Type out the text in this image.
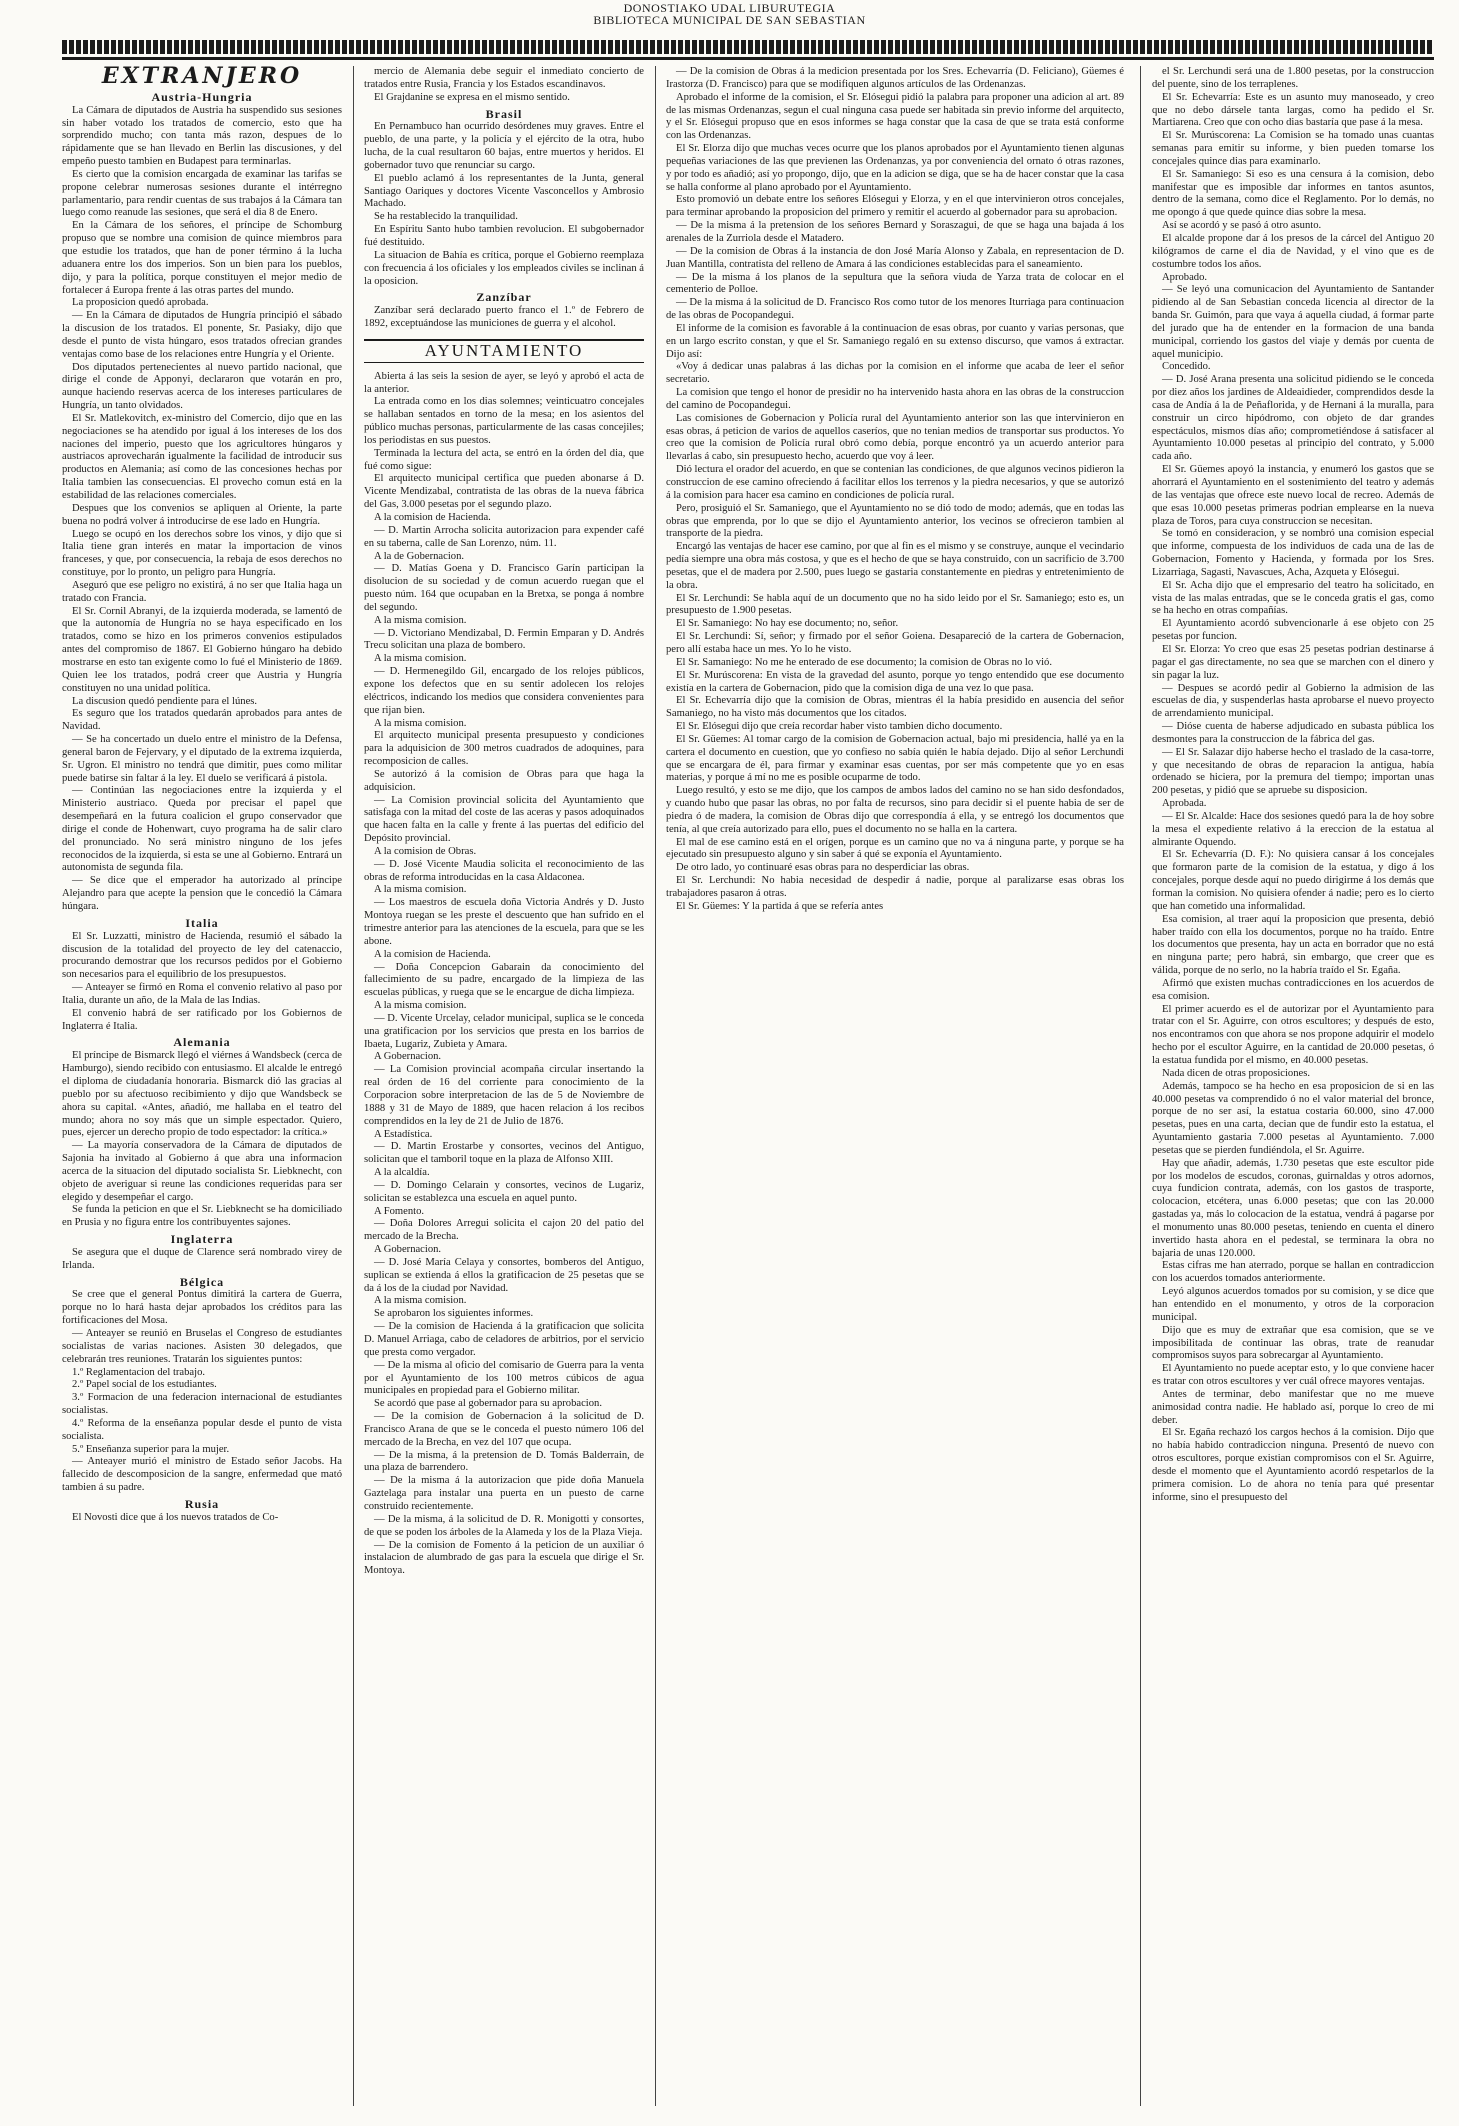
DONOSTIAKO UDAL LIBURUTEGIA
BIBLIOTECA MUNICIPAL DE SAN SEBASTIAN
EXTRANJERO
Austria-Hungria

La Cámara de diputados de Austria ha suspendido sus sesiones sin haber votado los tratados de comercio, esto que ha sorprendido mucho; con tanta más razon, despues de lo rápidamente que se han llevado en Berlin las discusiones, y del empeño puesto tambien en Budapest para terminarlas.

Es cierto que la comision encargada de examinar las tarifas se propone celebrar numerosas sesiones durante el intérregno parlamentario, para rendir cuentas de sus trabajos á la Cámara tan luego como reanude las sesiones, que será el dia 8 de Enero.

En la Cámara de los señores, el príncipe de Schomburg propuso que se nombre una comision de quince miembros para que estudie los tratados, que han de poner término á la lucha aduanera entre los dos imperios. Son un bien para los pueblos, dijo, y para la política, porque constituyen el mejor medio de fortalecer á Europa frente á las otras partes del mundo.

La proposicion quedó aprobada.

— En la Cámara de diputados de Hungría principió el sábado la discusion de los tratados. El ponente, Sr. Pasiaky, dijo que desde el punto de vista húngaro, esos tratados ofrecian grandes ventajas como base de los relaciones entre Hungría y el Oriente.

Dos diputados pertenecientes al nuevo partido nacional, que dirige el conde de Apponyi, declararon que votarán en pro, aunque haciendo reservas acerca de los intereses particulares de Hungría, un tanto olvidados.

El Sr. Matlekovitch, ex-ministro del Comercio, dijo que en las negociaciones se ha atendido por igual á los intereses de los dos naciones del imperio, puesto que los agricultores húngaros y austriacos aprovecharán igualmente la facilidad de introducir sus productos en Alemania; así como de las concesiones hechas por Italia tambien las consecuencias. El provecho comun está en la estabilidad de las relaciones comerciales.

Despues que los convenios se apliquen al Oriente, la parte buena no podrá volver á introducirse de ese lado en Hungría.

Luego se ocupó en los derechos sobre los vinos, y dijo que si Italia tiene gran interés en matar la importacion de vinos franceses, y que, por consecuencia, la rebaja de esos derechos no constituye, por lo pronto, un peligro para Hungría.

Aseguró que ese peligro no existirá, á no ser que Italia haga un tratado con Francia.

El Sr. Cornil Abranyi, de la izquierda moderada, se lamentó de que la autonomía de Hungría no se haya especificado en los tratados, como se hizo en los primeros convenios estipulados antes del compromiso de 1867. El Gobierno húngaro ha debido mostrarse en esto tan exigente como lo fué el Ministerio de 1869. Quien lee los tratados, podrá creer que Austria y Hungría constituyen no una unidad política.

La discusion quedó pendiente para el lúnes.

Es seguro que los tratados quedarán aprobados para antes de Navidad.

— Se ha concertado un duelo entre el ministro de la Defensa, general baron de Fejervary, y el diputado de la extrema izquierda, Sr. Ugron. El ministro no tendrá que dimitir, pues como militar puede batirse sin faltar á la ley. El duelo se verificará á pistola.

— Continúan las negociaciones entre la izquierda y el Ministerio austriaco. Queda por precisar el papel que desempeñará en la futura coalicion el grupo conservador que dirige el conde de Hohenwart, cuyo programa ha de salir claro del pronunciado. No será ministro ninguno de los jefes reconocidos de la izquierda, si esta se une al Gobierno. Entrará un autonomista de segunda fila.

— Se dice que el emperador ha autorizado al príncipe Alejandro para que acepte la pension que le concedió la Cámara húngara.

Italia

El Sr. Luzzatti, ministro de Hacienda, resumió el sábado la discusion de la totalidad del proyecto de ley del catenaccio, procurando demostrar que los recursos pedidos por el Gobierno son necesarios para el equilibrio de los presupuestos.

— Anteayer se firmó en Roma el convenio relativo al paso por Italia, durante un año, de la Mala de las Indias.

El convenio habrá de ser ratificado por los Gobiernos de Inglaterra é Italia.

Alemania

El príncipe de Bismarck llegó el viérnes á Wandsbeck (cerca de Hamburgo), siendo recibido con entusiasmo. El alcalde le entregó el diploma de ciudadanía honoraria. Bismarck dió las gracias al pueblo por su afectuoso recibimiento y dijo que Wandsbeck se ahora su capital. «Antes, añadió, me hallaba en el teatro del mundo; ahora no soy más que un simple espectador. Quiero, pues, ejercer un derecho propio de todo espectador: la crítica.»

— La mayoría conservadora de la Cámara de diputados de Sajonia ha invitado al Gobierno á que abra una informacion acerca de la situacion del diputado socialista Sr. Liebknecht, con objeto de averiguar si reune las condiciones requeridas para ser elegido y desempeñar el cargo.

Se funda la peticion en que el Sr. Liebknecht se ha domiciliado en Prusia y no figura entre los contribuyentes sajones.

Inglaterra

Se asegura que el duque de Clarence será nombrado virey de Irlanda.

Bélgica

Se cree que el general Pontus dimitirá la cartera de Guerra, porque no lo hará hasta dejar aprobados los créditos para las fortificaciones del Mosa.

— Anteayer se reunió en Bruselas el Congreso de estudiantes socialistas de varias naciones. Asisten 30 delegados, que celebrarán tres reuniones. Tratarán los siguientes puntos:

1.º Reglamentacion del trabajo.

2.º Papel social de los estudiantes.

3.º Formacion de una federacion internacional de estudiantes socialistas.

4.º Reforma de la enseñanza popular desde el punto de vista socialista.

5.º Enseñanza superior para la mujer.

— Anteayer murió el ministro de Estado señor Jacobs. Ha fallecido de descomposicion de la sangre, enfermedad que mató tambien á su padre.

Rusia

El Novosti dice que á los nuevos tratados de Co-

mercio de Alemania debe seguir el inmediato concierto de tratados entre Rusia, Francia y los Estados escandinavos.

El Grajdanine se expresa en el mismo sentido.

Brasil

En Pernambuco han ocurrido desórdenes muy graves. Entre el pueblo, de una parte, y la policía y el ejército de la otra, hubo lucha, de la cual resultaron 60 bajas, entre muertos y heridos. El gobernador tuvo que renunciar su cargo.

El pueblo aclamó á los representantes de la Junta, general Santiago Oariques y doctores Vicente Vasconcellos y Ambrosio Machado.

Se ha restablecido la tranquilidad.

En Espíritu Santo hubo tambien revolucion. El subgobernador fué destituido.

La situacion de Bahía es crítica, porque el Gobierno reemplaza con frecuencia á los oficiales y los empleados civiles se inclinan á la oposicion.

Zanzíbar

Zanzíbar será declarado puerto franco el 1.º de Febrero de 1892, exceptuándose las municiones de guerra y el alcohol.

AYUNTAMIENTO

Abierta á las seis la sesion de ayer, se leyó y aprobó el acta de la anterior.

La entrada como en los dias solemnes; veinticuatro concejales se hallaban sentados en torno de la mesa; en los asientos del público muchas personas, particularmente de las casas concejiles; los periodistas en sus puestos.

Terminada la lectura del acta, se entró en la órden del dia, que fué como sigue:

El arquitecto municipal certifica que pueden abonarse á D. Vicente Mendizabal, contratista de las obras de la nueva fábrica del Gas, 3.000 pesetas por el segundo plazo.

A la comision de Hacienda.

— D. Martin Arrocha solicita autorizacion para expender café en su taberna, calle de San Lorenzo, núm. 11.

A la de Gobernacion.

— D. Matías Goena y D. Francisco Garín participan la disolucion de su sociedad y de comun acuerdo ruegan que el puesto núm. 164 que ocupaban en la Bretxa, se ponga á nombre del segundo.

A la misma comision.

— D. Victoriano Mendizabal, D. Fermin Emparan y D. Andrés Trecu solicitan una plaza de bombero.

A la misma comision.

— D. Hermenegildo Gil, encargado de los relojes públicos, expone los defectos que en su sentir adolecen los relojes eléctricos, indicando los medios que considera convenientes para que rijan bien.

A la misma comision.

El arquitecto municipal presenta presupuesto y condiciones para la adquisicion de 300 metros cuadrados de adoquines, para recomposicion de calles.

Se autorizó á la comision de Obras para que haga la adquisicion.

— La Comision provincial solicita del Ayuntamiento que satisfaga con la mitad del coste de las aceras y pasos adoquinados que hacen falta en la calle y frente á las puertas del edificio del Depósito provincial.

A la comision de Obras.

— D. José Vicente Maudia solicita el reconocimiento de las obras de reforma introducidas en la casa Aldaconea.

A la misma comision.

— Los maestros de escuela doña Victoria Andrés y D. Justo Montoya ruegan se les preste el descuento que han sufrido en el trimestre anterior para las atenciones de la escuela, para que se les abone.

A la comision de Hacienda.

— Doña Concepcion Gabarain da conocimiento del fallecimiento de su padre, encargado de la limpieza de las escuelas públicas, y ruega que se le encargue de dicha limpieza.

A la misma comision.

— D. Vicente Urcelay, celador municipal, suplica se le conceda una gratificacion por los servicios que presta en los barrios de Ibaeta, Lugariz, Zubieta y Amara.

A Gobernacion.

— La Comision provincial acompaña circular insertando la real órden de 16 del corriente para conocimiento de la Corporacion sobre interpretacion de las de 5 de Noviembre de 1888 y 31 de Mayo de 1889, que hacen relacion á los recibos comprendidos en la ley de 21 de Julio de 1876.

A Estadística.

— D. Martin Erostarbe y consortes, vecinos del Antiguo, solicitan que el tamboril toque en la plaza de Alfonso XIII.

A la alcaldía.

— D. Domingo Celarain y consortes, vecinos de Lugariz, solicitan se establezca una escuela en aquel punto.

A Fomento.

— Doña Dolores Arregui solicita el cajon 20 del patio del mercado de la Brecha.

A Gobernacion.

— D. José María Celaya y consortes, bomberos del Antiguo, suplican se extienda á ellos la gratificacion de 25 pesetas que se da á los de la ciudad por Navidad.

A la misma comision.

Se aprobaron los siguientes informes.

— De la comision de Hacienda á la gratificacion que solicita D. Manuel Arriaga, cabo de celadores de arbitrios, por el servicio que presta como vergador.

— De la misma al oficio del comisario de Guerra para la venta por el Ayuntamiento de los 100 metros cúbicos de agua municipales en propiedad para el Gobierno militar.

Se acordó que pase al gobernador para su aprobacion.

— De la comision de Gobernacion á la solicitud de D. Francisco Arana de que se le conceda el puesto número 106 del mercado de la Brecha, en vez del 107 que ocupa.

— De la misma, á la pretension de D. Tomás Balderrain, de una plaza de barrendero.

— De la misma á la autorizacion que pide doña Manuela Gaztelaga para instalar una puerta en un puesto de carne construido recientemente.

— De la misma, á la solicitud de D. R. Monigotti y consortes, de que se poden los árboles de la Alameda y los de la Plaza Vieja.

— De la comision de Fomento á la peticion de un auxiliar ó instalacion de alumbrado de gas para la escuela que dirige el Sr. Montoya.

— De la comision de Obras á la medicion presentada por los Sres. Echevarría (D. Feliciano), Güemes é Irastorza (D. Francisco) para que se modifiquen algunos artículos de las Ordenanzas.

Aprobado el informe de la comision, el Sr. Elósegui pidió la palabra para proponer una adicion al art. 89 de las mismas Ordenanzas, segun el cual ninguna casa puede ser habitada sin previo informe del arquitecto, y el Sr. Elósegui propuso que en esos informes se haga constar que la casa de que se trata está conforme con las Ordenanzas.

El Sr. Elorza dijo que muchas veces ocurre que los planos aprobados por el Ayuntamiento tienen algunas pequeñas variaciones de las que previenen las Ordenanzas, ya por conveniencia del ornato ó otras razones, y por todo es añadió; así yo propongo, dijo, que en la adicion se diga, que se ha de hacer constar que la casa se halla conforme al plano aprobado por el Ayuntamiento.

Esto promovió un debate entre los señores Elósegui y Elorza, y en el que intervinieron otros concejales, para terminar aprobando la proposicion del primero y remitir el acuerdo al gobernador para su aprobacion.

— De la misma á la pretension de los señores Bernard y Soraszagui, de que se haga una bajada á los arenales de la Zurriola desde el Matadero.

— De la comision de Obras á la instancia de don José María Alonso y Zabala, en representacion de D. Juan Mantilla, contratista del relleno de Amara á las condiciones establecidas para el saneamiento.

— De la misma á los planos de la sepultura que la señora viuda de Yarza trata de colocar en el cementerio de Polloe.

— De la misma á la solicitud de D. Francisco Ros como tutor de los menores Iturriaga para continuacion de las obras de Pocopandegui.

El informe de la comision es favorable á la continuacion de esas obras, por cuanto y varias personas, que en un largo escrito constan, y que el Sr. Samaniego regaló en su extenso discurso, que vamos á extractar. Dijo así:

«Voy á dedicar unas palabras á las dichas por la comision en el informe que acaba de leer el señor secretario.

La comision que tengo el honor de presidir no ha intervenido hasta ahora en las obras de la construccion del camino de Pocopandegui.

Las comisiones de Gobernacion y Policía rural del Ayuntamiento anterior son las que intervinieron en esas obras, á peticion de varios de aquellos caseríos, que no tenian medios de transportar sus productos. Yo creo que la comision de Policía rural obró como debía, porque encontró ya un acuerdo anterior para llevarlas á cabo, sin presupuesto hecho, acuerdo que voy á leer.

Dió lectura el orador del acuerdo, en que se contenian las condiciones, de que algunos vecinos pidieron la construccion de ese camino ofreciendo á facilitar ellos los terrenos y la piedra necesarios, y que se autorizó á la comision para hacer esa camino en condiciones de policía rural.

Pero, prosiguió el Sr. Samaniego, que el Ayuntamiento no se dió todo de modo; además, que en todas las obras que emprenda, por lo que se dijo el Ayuntamiento anterior, los vecinos se ofrecieron tambien al transporte de la piedra.

Encargó las ventajas de hacer ese camino, por que al fin es el mismo y se construye, aunque el vecindario pedía siempre una obra más costosa, y que es el hecho de que se haya construido, con un sacrificio de 3.700 pesetas, que el de madera por 2.500, pues luego se gastaria constantemente en piedras y entretenimiento de la obra.

El Sr. Lerchundi: Se habla aquí de un documento que no ha sido leido por el Sr. Samaniego; esto es, un presupuesto de 1.900 pesetas.

El Sr. Samaniego: No hay ese documento; no, señor.

El Sr. Lerchundi: Sí, señor; y firmado por el señor Goiena. Desapareció de la cartera de Gobernacion, pero allí estaba hace un mes. Yo lo he visto.

El Sr. Samaniego: No me he enterado de ese documento; la comision de Obras no lo vió.

El Sr. Murúscorena: En vista de la gravedad del asunto, porque yo tengo entendido que ese documento existía en la cartera de Gobernacion, pido que la comision diga de una vez lo que pasa.

El Sr. Echevarría dijo que la comision de Obras, mientras él la había presidido en ausencia del señor Samaniego, no ha visto más documentos que los citados.

El Sr. Elósegui dijo que creía recordar haber visto tambien dicho documento.

El Sr. Güemes: Al tomar cargo de la comision de Gobernacion actual, bajo mi presidencia, hallé ya en la cartera el documento en cuestion, que yo confieso no sabía quién le había dejado. Dijo al señor Lerchundi que se encargara de él, para firmar y examinar esas cuentas, por ser más competente que yo en esas materias, y porque á mí no me es posible ocuparme de todo.

Luego resultó, y esto se me dijo, que los campos de ambos lados del camino no se han sido desfondados, y cuando hubo que pasar las obras, no por falta de recursos, sino para decidir si el puente habia de ser de piedra ó de madera, la comision de Obras dijo que correspondía á ella, y se entregó los documentos que tenía, al que creía autorizado para ello, pues el documento no se halla en la cartera.

El mal de ese camino está en el orígen, porque es un camino que no va á ninguna parte, y porque se ha ejecutado sin presupuesto alguno y sin saber á qué se exponía el Ayuntamiento.

De otro lado, yo continuaré esas obras para no desperdiciar las obras.

El Sr. Lerchundi: No habia necesidad de despedir á nadie, porque al paralizarse esas obras los trabajadores pasaron á otras.

El Sr. Güemes: Y la partida á que se refería antes

el Sr. Lerchundi será una de 1.800 pesetas, por la construccion del puente, sino de los terraplenes.

El Sr. Echevarría: Este es un asunto muy manoseado, y creo que no debo dársele tanta largas, como ha pedido el Sr. Martiarena. Creo que con ocho dias bastaría que pase á la mesa.

El Sr. Murúscorena: La Comision se ha tomado unas cuantas semanas para emitir su informe, y bien pueden tomarse los concejales quince dias para examinarlo.

El Sr. Samaniego: Si eso es una censura á la comision, debo manifestar que es imposible dar informes en tantos asuntos, dentro de la semana, como dice el Reglamento. Por lo demás, no me opongo á que quede quince dias sobre la mesa.

Así se acordó y se pasó á otro asunto.

El alcalde propone dar á los presos de la cárcel del Antiguo 20 kilógramos de carne el dia de Navidad, y el vino que es de costumbre todos los años.

Aprobado.

— Se leyó una comunicacion del Ayuntamiento de Santander pidiendo al de San Sebastian conceda licencia al director de la banda Sr. Guimón, para que vaya á aquella ciudad, á formar parte del jurado que ha de entender en la formacion de una banda municipal, corriendo los gastos del viaje y demás por cuenta de aquel municipio.

Concedido.

— D. José Arana presenta una solicitud pidiendo se le conceda por diez años los jardines de Aldeaidieder, comprendidos desde la casa de Andía á la de Peñaflorida, y de Hernani á la muralla, para construir un circo hipódromo, con objeto de dar grandes espectáculos, mismos días año; comprometiéndose á satisfacer al Ayuntamiento 10.000 pesetas al principio del contrato, y 5.000 cada año.

El Sr. Güemes apoyó la instancia, y enumeró los gastos que se ahorrará el Ayuntamiento en el sostenimiento del teatro y además de las ventajas que ofrece este nuevo local de recreo. Además de que esas 10.000 pesetas primeras podrian emplearse en la nueva plaza de Toros, para cuya construccion se necesitan.

Se tomó en consideracion, y se nombró una comision especial que informe, compuesta de los individuos de cada una de las de Gobernacion, Fomento y Hacienda, y formada por los Sres. Lizarriaga, Sagasti, Navascues, Acha, Azqueta y Elósegui.

El Sr. Acha dijo que el empresario del teatro ha solicitado, en vista de las malas entradas, que se le conceda gratis el gas, como se ha hecho en otras compañías.

El Ayuntamiento acordó subvencionarle á ese objeto con 25 pesetas por funcion.

El Sr. Elorza: Yo creo que esas 25 pesetas podrian destinarse á pagar el gas directamente, no sea que se marchen con el dinero y sin pagar la luz.

— Despues se acordó pedir al Gobierno la admision de las escuelas de dia, y suspenderlas hasta aprobarse el nuevo proyecto de arrendamiento municipal.

— Dióse cuenta de haberse adjudicado en subasta pública los desmontes para la construccion de la fábrica del gas.

— El Sr. Salazar dijo haberse hecho el traslado de la casa-torre, y que necesitando de obras de reparacion la antigua, había ordenado se hiciera, por la premura del tiempo; importan unas 200 pesetas, y pidió que se apruebe su disposicion.

Aprobada.

— El Sr. Alcalde: Hace dos sesiones quedó para la de hoy sobre la mesa el expediente relativo á la ereccion de la estatua al almirante Oquendo.

El Sr. Echevarría (D. F.): No quisiera cansar á los concejales que formaron parte de la comision de la estatua, y digo á los concejales, porque desde aquí no puedo dirigirme á los demás que forman la comision. No quisiera ofender á nadie; pero es lo cierto que han cometido una informalidad.

Esa comision, al traer aquí la proposicion que presenta, debió haber traído con ella los documentos, porque no ha traído. Entre los documentos que presenta, hay un acta en borrador que no está en ninguna parte; pero habrá, sin embargo, que creer que es válida, porque de no serlo, no la habría traído el Sr. Egaña.

Afirmó que existen muchas contradicciones en los acuerdos de esa comision.

El primer acuerdo es el de autorizar por el Ayuntamiento para tratar con el Sr. Aguirre, con otros escultores; y después de esto, nos encontramos con que ahora se nos propone adquirir el modelo hecho por el escultor Aguirre, en la cantidad de 20.000 pesetas, ó la estatua fundida por el mismo, en 40.000 pesetas.

Nada dicen de otras proposiciones.

Además, tampoco se ha hecho en esa proposicion de si en las 40.000 pesetas va comprendido ó no el valor material del bronce, porque de no ser así, la estatua costaria 60.000, sino 47.000 pesetas, pues en una carta, decian que de fundir esto la estatua, el Ayuntamiento gastaria 7.000 pesetas al Ayuntamiento. 7.000 pesetas que se pierden fundiéndola, el Sr. Aguirre.

Hay que añadir, además, 1.730 pesetas que este escultor pide por los modelos de escudos, coronas, guirnaldas y otros adornos, cuya fundicion contrata, además, con los gastos de trasporte, colocacion, etcétera, unas 6.000 pesetas; que con las 20.000 gastadas ya, más lo colocacion de la estatua, vendrá á pagarse por el monumento unas 80.000 pesetas, teniendo en cuenta el dinero invertido hasta ahora en el pedestal, se terminara la obra no bajaria de unas 120.000.

Estas cifras me han aterrado, porque se hallan en contradiccion con los acuerdos tomados anteriormente.

Leyó algunos acuerdos tomados por su comision, y se dice que han entendido en el monumento, y otros de la corporacion municipal.

Dijo que es muy de extrañar que esa comision, que se ve imposibilitada de continuar las obras, trate de reanudar compromisos suyos para sobrecargar al Ayuntamiento.

El Ayuntamiento no puede aceptar esto, y lo que conviene hacer es tratar con otros escultores y ver cuál ofrece mayores ventajas.

Antes de terminar, debo manifestar que no me mueve animosidad contra nadie. He hablado así, porque lo creo de mi deber.

El Sr. Egaña rechazó los cargos hechos á la comision. Dijo que no había habido contradiccion ninguna. Presentó de nuevo con otros escultores, porque existian compromisos con el Sr. Aguirre, desde el momento que el Ayuntamiento acordó respetarlos de la primera comision. Lo de ahora no tenía para qué presentar informe, sino el presupuesto del
